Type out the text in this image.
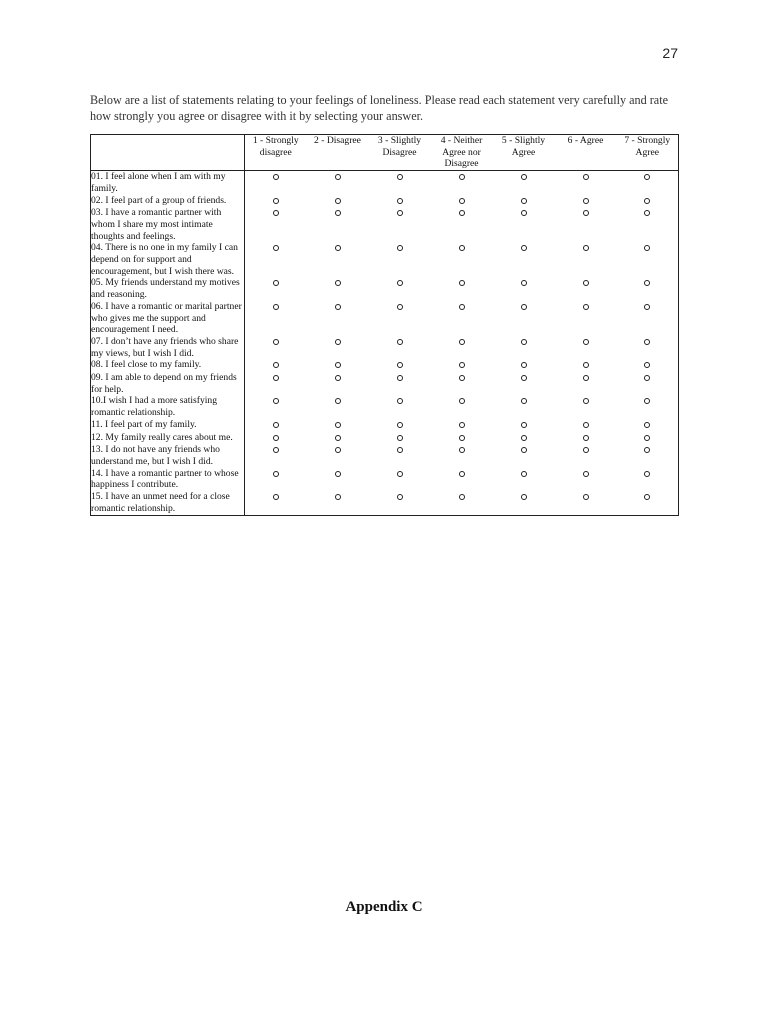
27

Below are a list of statements relating to your feelings of loneliness. Please read each statement very carefully and rate how strongly you agree or disagree with it by selecting your answer.

	1 - Strongly disagree	2 - Disagree	3 - Slightly Disagree	4 - Neither Agree nor Disagree	5 - Slightly Agree	6 - Agree	7 - Strongly Agree
01. I feel alone when I am with my family.							
02. I feel part of a group of friends.							
03. I have a romantic partner with whom I share my most intimate thoughts and feelings.							
04. There is no one in my family I can depend on for support and encouragement, but I wish there was.							
05. My friends understand my motives and reasoning.							
06. I have a romantic or marital partner who gives me the support and encouragement I need.							
07. I don’t have any friends who share my views, but I wish I did.							
08. I feel close to my family.							
09. I am able to depend on my friends for help.							
10.I wish I had a more satisfying romantic relationship.							
11. I feel part of my family.							
12. My family really cares about me.							
13. I do not have any friends who understand me, but I wish I did.							
14. I have a romantic partner to whose happiness I contribute.							
15. I have an unmet need for a close romantic relationship.							
Appendix C
